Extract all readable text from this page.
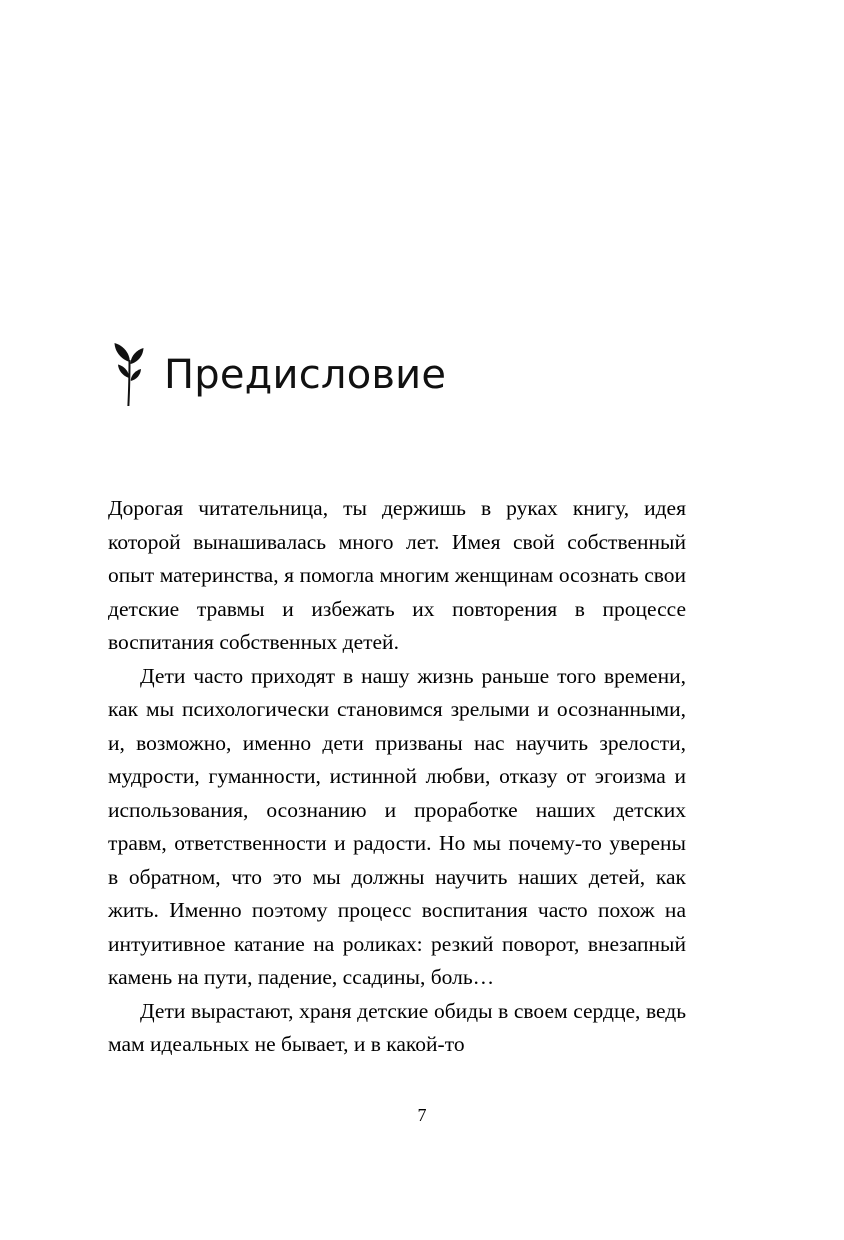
Предисловие

Дорогая читательница, ты держишь в руках книгу, идея которой вынашивалась много лет. Имея свой собственный опыт материнства, я помогла многим женщинам осознать свои детские травмы и избежать их повторения в процессе воспитания собственных детей.

Дети часто приходят в нашу жизнь раньше того времени, как мы психологически становимся зрелыми и осознанными, и, возможно, именно дети призваны нас научить зрелости, мудрости, гуманности, истинной любви, отказу от эгоизма и использования, осознанию и проработке наших детских травм, ответственности и радости. Но мы почему-то уверены в обратном, что это мы должны научить наших детей, как жить. Именно поэтому процесс воспитания часто похож на интуитивное катание на роликах: резкий поворот, внезапный камень на пути, падение, ссадины, боль…

Дети вырастают, храня детские обиды в своем сердце, ведь мам идеальных не бывает, и в какой-то

7
